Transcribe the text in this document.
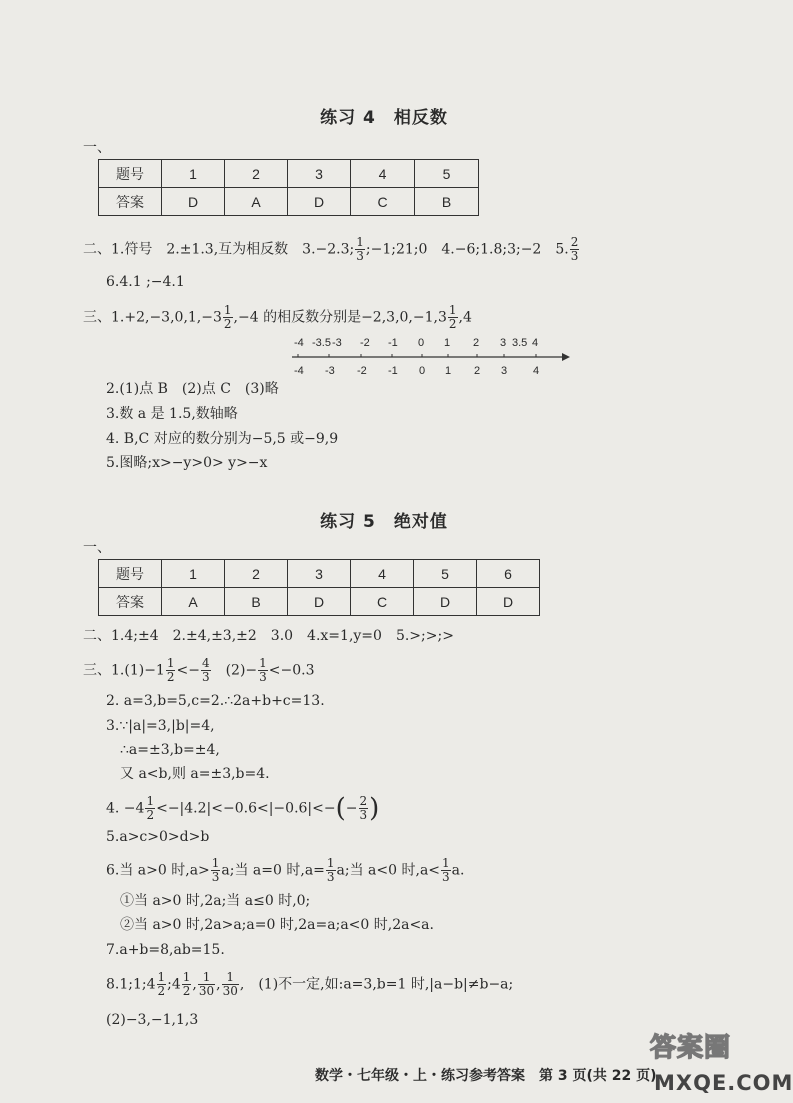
练习 4　相反数
一、
题号	1	2	3	4	5
答案	D	A	D	C	B
二、1.符号　2.±1.3,互为相反数　3.−2.3; $\frac{1}{3}$ ;−1;21;0　4.−6;1.8;3;−2　5. $\frac{2}{3}$
6.4.1 ;−4.1
三、$1.+2,-3,0,1,-3 \frac{1}{2} ,-4$ 的相反数分别是$-2,3,0,-1,3 \frac{1}{2} ,4$
-4 -3.5 -3 -2 -1 0 1 2 3 3.5 4
-4 -3 -2 -1 0 1 2 3 4
2.(1)点 B　(2)点 C　(3)略
3.数 a 是 1.5,数轴略
4. B,C 对应的数分别为−5,5 或−9,9
5.图略;x>−y>0> y>−x
练习 5　绝对值
一、
题号	1	2	3	4	5	6
答案	A	B	D	C	D	D
二、1.4;±4　2.±4,±3,±2　3.0　4.x=1,y=0　5.>;>;>
三、$1.(1)-1 \frac{1}{2} <- \frac{4}{3}$ 　$(2)- \frac{1}{3} <-0.3$
2. a=3,b=5,c=2.∴2a+b+c=13.
3.∵|a|=3,|b|=4,
∴a=±3,b=±4,
又 a<b,则 a=±3,b=4.
4. $-4 \frac{1}{2} <-|4.2|<-0.6<|-0.6|<-(- \frac{2}{3}$ )
5.a>c>0>d>b
6.当 a>0 时$,a> \frac{1}{3} a$;当 a=0 时$,a= \frac{1}{3} a$;当 a<0 时$,a< \frac{1}{3} a$.
①当 a>0 时,2a;当 a≤0 时,0;
②当 a>0 时,2a>a;a=0 时,2a=a;a<0 时,2a<a.
7.a+b=8,ab=15.
8.1;1;4 $\frac{1}{2}$ ;4 $\frac{1}{2}$ , $\frac{1}{30}$ , $\frac{1}{30}$ ,　(1)不一定,如:a=3,b=1 时,|a−b|≠b−a;
(2)−3,−1,1,3
数学・七年级・上・练习参考答案　第 3 页(共 22 页)
答案圈
MXQE.COM
